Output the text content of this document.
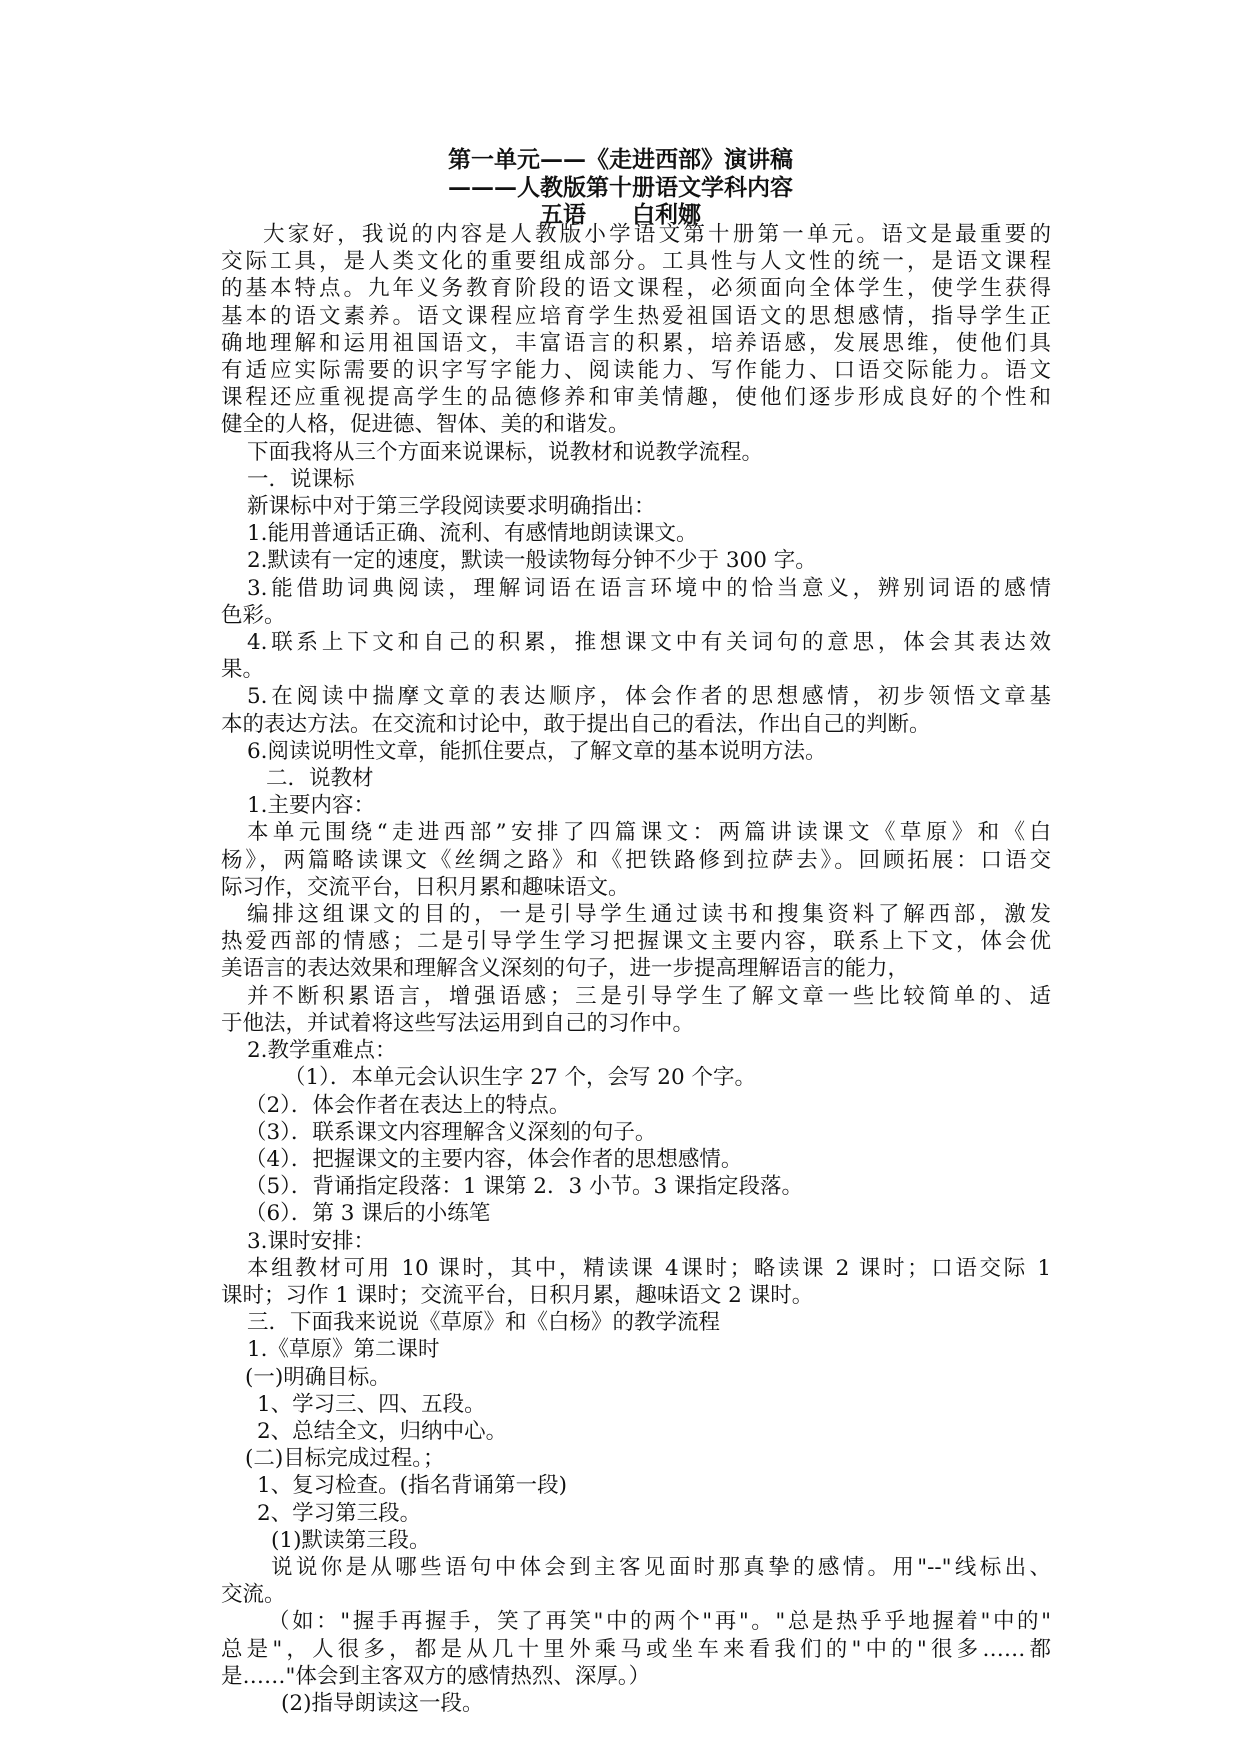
第一单元——《走进西部》演讲稿
———人教版第十册语文学科内容
五语　　白利娜

大家好，我说的内容是人教版小学语文第十册第一单元。语文是最重要的

交际工具，是人类文化的重要组成部分。工具性与人文性的统一，是语文课程

的基本特点。九年义务教育阶段的语文课程，必须面向全体学生，使学生获得

基本的语文素养。语文课程应培育学生热爱祖国语文的思想感情，指导学生正

确地理解和运用祖国语文，丰富语言的积累，培养语感，发展思维，使他们具

有适应实际需要的识字写字能力、阅读能力、写作能力、口语交际能力。语文

课程还应重视提高学生的品德修养和审美情趣，使他们逐步形成良好的个性和

健全的人格，促进德、智体、美的和谐发。

下面我将从三个方面来说课标，说教材和说教学流程。

一．说课标

新课标中对于第三学段阅读要求明确指出：

1.能用普通话正确、流利、有感情地朗读课文。

2.默读有一定的速度，默读一般读物每分钟不少于 300 字。

3.能借助词典阅读，理解词语在语言环境中的恰当意义，辨别词语的感情

色彩。

4.联系上下文和自己的积累，推想课文中有关词句的意思，体会其表达效

果。

5.在阅读中揣摩文章的表达顺序，体会作者的思想感情，初步领悟文章基

本的表达方法。在交流和讨论中，敢于提出自己的看法，作出自己的判断。

6.阅读说明性文章，能抓住要点，了解文章的基本说明方法。

二．说教材

1.主要内容：

本单元围绕“走进西部”安排了四篇课文：两篇讲读课文《草原》和《白

杨》，两篇略读课文《丝绸之路》和《把铁路修到拉萨去》。回顾拓展：口语交

际习作，交流平台，日积月累和趣味语文。

编排这组课文的目的，一是引导学生通过读书和搜集资料了解西部，激发

热爱西部的情感；二是引导学生学习把握课文主要内容，联系上下文，体会优

美语言的表达效果和理解含义深刻的句子，进一步提高理解语言的能力，

并不断积累语言，增强语感；三是引导学生了解文章一些比较简单的、适

于他法，并试着将这些写法运用到自己的习作中。

2.教学重难点：

（1）．本单元会认识生字 27 个，会写 20 个字。

（2）．体会作者在表达上的特点。

（3）．联系课文内容理解含义深刻的句子。

（4）．把握课文的主要内容，体会作者的思想感情。

（5）．背诵指定段落：1 课第 2．3 小节。3 课指定段落。

（6）．第 3 课后的小练笔

3.课时安排：

本组教材可用 10 课时，其中，精读课 4课时；略读课 2 课时；口语交际 1

课时；习作 1 课时；交流平台，日积月累，趣味语文 2 课时。

三．下面我来说说《草原》和《白杨》的教学流程

1.《草原》第二课时

(一)明确目标。

1、学习三、四、五段。

2、总结全文，归纳中心。

(二)目标完成过程。；

1、复习检查。(指名背诵第一段)

2、学习第三段。

(1)默读第三段。

说说你是从哪些语句中体会到主客见面时那真挚的感情。用"--"线标出、

交流。

（如："握手再握手，笑了再笑"中的两个"再"。"总是热乎乎地握着"中的"

总是"，人很多，都是从几十里外乘马或坐车来看我们的"中的"很多……都

是……"体会到主客双方的感情热烈、深厚。）

(2)指导朗读这一段。
